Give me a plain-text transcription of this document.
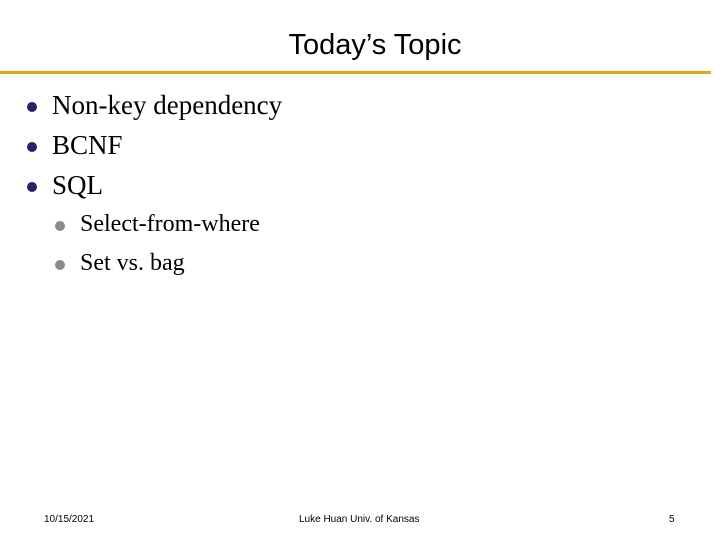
Today’s Topic
Non-key dependency
BCNF
SQL
Select-from-where
Set vs. bag
10/15/2021	Luke Huan Univ. of Kansas	5
